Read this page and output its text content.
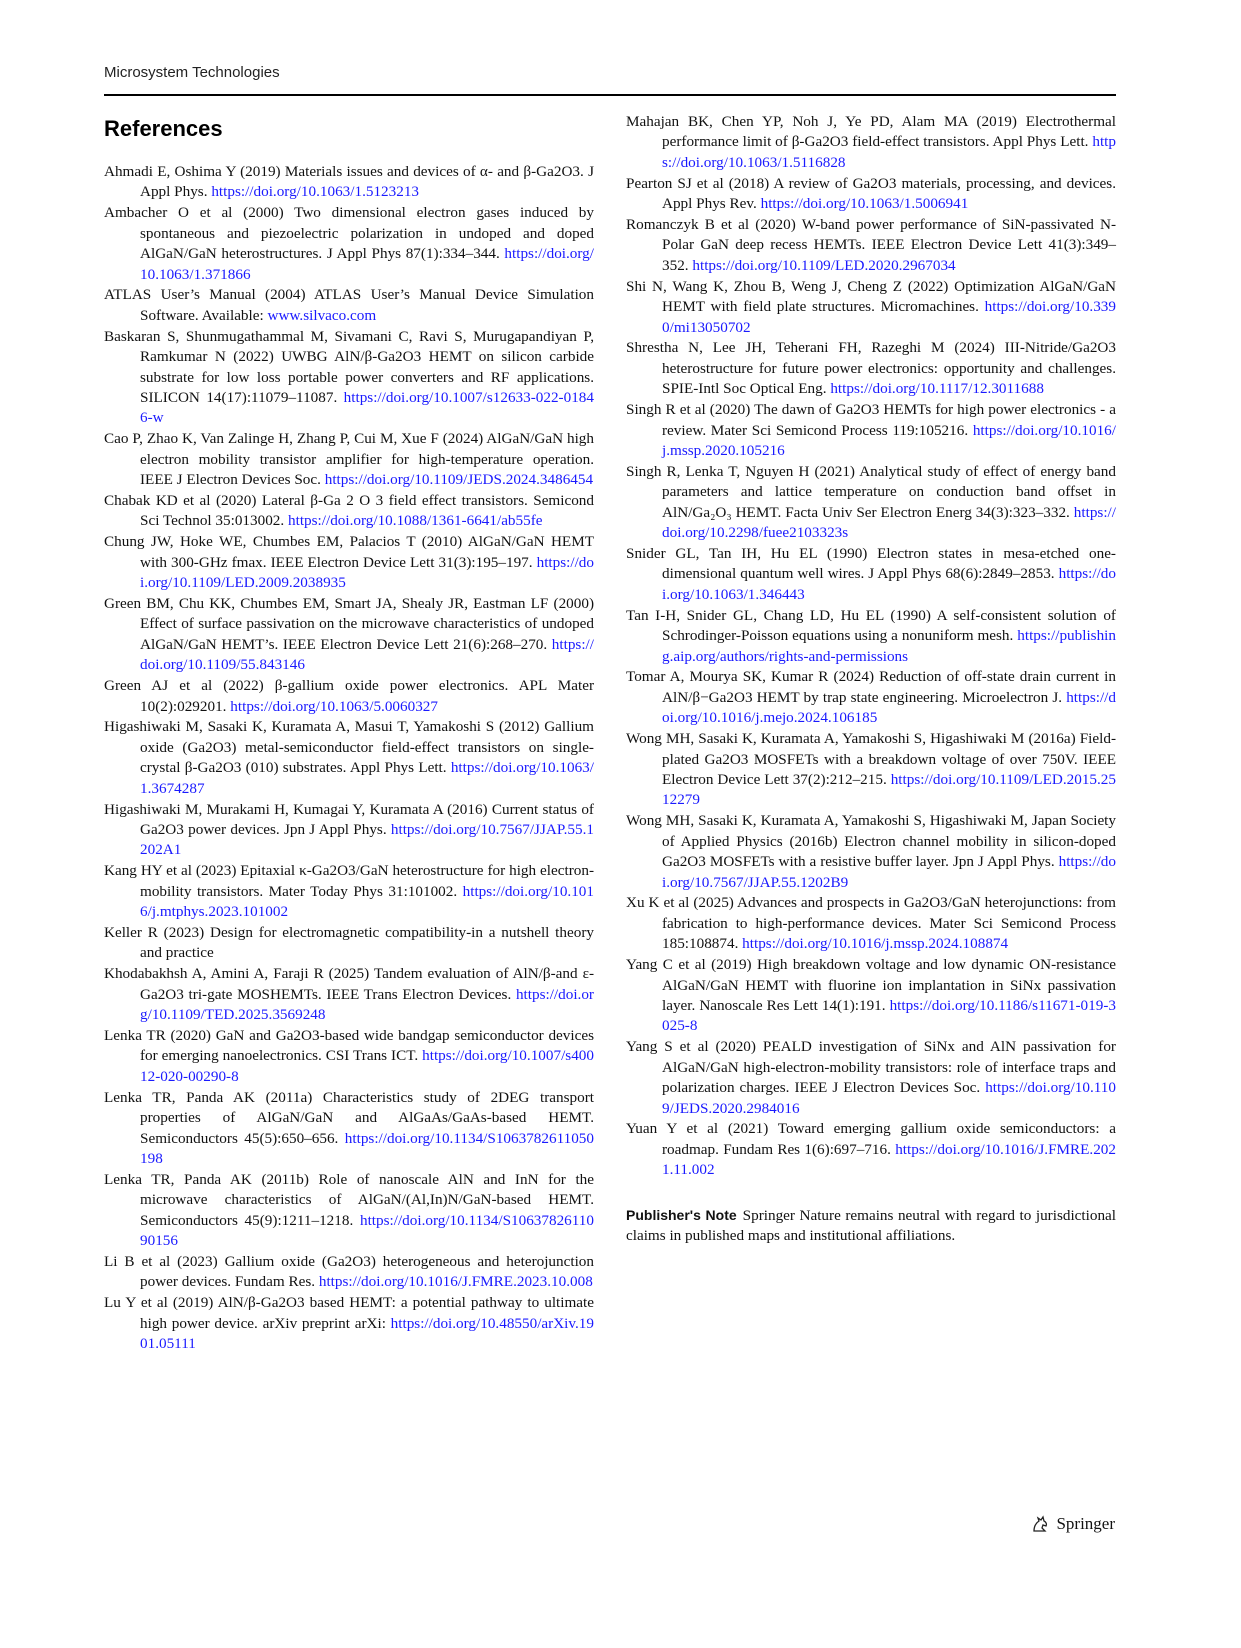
Microsystem Technologies
References

Ahmadi E, Oshima Y (2019) Materials issues and devices of α- and β-Ga2O3. J Appl Phys. https://doi.org/10.1063/1.5123213

Ambacher O et al (2000) Two dimensional electron gases induced by spontaneous and piezoelectric polarization in undoped and doped AlGaN/GaN heterostructures. J Appl Phys 87(1):334–344. https://doi.org/10.1063/1.371866

ATLAS User’s Manual (2004) ATLAS User’s Manual Device Simulation Software. Available: www.silvaco.com

Baskaran S, Shunmugathammal M, Sivamani C, Ravi S, Murugapandiyan P, Ramkumar N (2022) UWBG AlN/β-Ga2O3 HEMT on silicon carbide substrate for low loss portable power converters and RF applications. SILICON 14(17):11079–11087. https://doi.org/10.1007/s12633-022-01846-w

Cao P, Zhao K, Van Zalinge H, Zhang P, Cui M, Xue F (2024) AlGaN/GaN high electron mobility transistor amplifier for high-temperature operation. IEEE J Electron Devices Soc. https://doi.org/10.1109/JEDS.2024.3486454

Chabak KD et al (2020) Lateral β-Ga 2 O 3 field effect transistors. Semicond Sci Technol 35:013002. https://doi.org/10.1088/1361-6641/ab55fe

Chung JW, Hoke WE, Chumbes EM, Palacios T (2010) AlGaN/GaN HEMT with 300-GHz fmax. IEEE Electron Device Lett 31(3):195–197. https://doi.org/10.1109/LED.2009.2038935

Green BM, Chu KK, Chumbes EM, Smart JA, Shealy JR, Eastman LF (2000) Effect of surface passivation on the microwave characteristics of undoped AlGaN/GaN HEMT’s. IEEE Electron Device Lett 21(6):268–270. https://doi.org/10.1109/55.843146

Green AJ et al (2022) β-gallium oxide power electronics. APL Mater 10(2):029201. https://doi.org/10.1063/5.0060327

Higashiwaki M, Sasaki K, Kuramata A, Masui T, Yamakoshi S (2012) Gallium oxide (Ga2O3) metal-semiconductor field-effect transistors on single-crystal β-Ga2O3 (010) substrates. Appl Phys Lett. https://doi.org/10.1063/1.3674287

Higashiwaki M, Murakami H, Kumagai Y, Kuramata A (2016) Current status of Ga2O3 power devices. Jpn J Appl Phys. https://doi.org/10.7567/JJAP.55.1202A1

Kang HY et al (2023) Epitaxial κ-Ga2O3/GaN heterostructure for high electron-mobility transistors. Mater Today Phys 31:101002. https://doi.org/10.1016/j.mtphys.2023.101002

Keller R (2023) Design for electromagnetic compatibility-in a nutshell theory and practice

Khodabakhsh A, Amini A, Faraji R (2025) Tandem evaluation of AlN/β-and ε-Ga2O3 tri-gate MOSHEMTs. IEEE Trans Electron Devices. https://doi.org/10.1109/TED.2025.3569248

Lenka TR (2020) GaN and Ga2O3-based wide bandgap semiconductor devices for emerging nanoelectronics. CSI Trans ICT. https://doi.org/10.1007/s40012-020-00290-8

Lenka TR, Panda AK (2011a) Characteristics study of 2DEG transport properties of AlGaN/GaN and AlGaAs/GaAs-based HEMT. Semiconductors 45(5):650–656. https://doi.org/10.1134/S1063782611050198

Lenka TR, Panda AK (2011b) Role of nanoscale AlN and InN for the microwave characteristics of AlGaN/(Al,In)N/GaN-based HEMT. Semiconductors 45(9):1211–1218. https://doi.org/10.1134/S1063782611090156

Li B et al (2023) Gallium oxide (Ga2O3) heterogeneous and heterojunction power devices. Fundam Res. https://doi.org/10.1016/J.FMRE.2023.10.008

Lu Y et al (2019) AlN/β-Ga2O3 based HEMT: a potential pathway to ultimate high power device. arXiv preprint arXi: https://doi.org/10.48550/arXiv.1901.05111

Mahajan BK, Chen YP, Noh J, Ye PD, Alam MA (2019) Electrothermal performance limit of β-Ga2O3 field-effect transistors. Appl Phys Lett. https://doi.org/10.1063/1.5116828

Pearton SJ et al (2018) A review of Ga2O3 materials, processing, and devices. Appl Phys Rev. https://doi.org/10.1063/1.5006941

Romanczyk B et al (2020) W-band power performance of SiN-passivated N-Polar GaN deep recess HEMTs. IEEE Electron Device Lett 41(3):349–352. https://doi.org/10.1109/LED.2020.2967034

Shi N, Wang K, Zhou B, Weng J, Cheng Z (2022) Optimization AlGaN/GaN HEMT with field plate structures. Micromachines. https://doi.org/10.3390/mi13050702

Shrestha N, Lee JH, Teherani FH, Razeghi M (2024) III-Nitride/Ga2O3 heterostructure for future power electronics: opportunity and challenges. SPIE-Intl Soc Optical Eng. https://doi.org/10.1117/12.3011688

Singh R et al (2020) The dawn of Ga2O3 HEMTs for high power electronics - a review. Mater Sci Semicond Process 119:105216. https://doi.org/10.1016/j.mssp.2020.105216

Singh R, Lenka T, Nguyen H (2021) Analytical study of effect of energy band parameters and lattice temperature on conduction band offset in AlN/Ga₂O₃ HEMT. Facta Univ Ser Electron Energ 34(3):323–332. https://doi.org/10.2298/fuee2103323s

Snider GL, Tan IH, Hu EL (1990) Electron states in mesa-etched one-dimensional quantum well wires. J Appl Phys 68(6):2849–2853. https://doi.org/10.1063/1.346443

Tan I-H, Snider GL, Chang LD, Hu EL (1990) A self-consistent solution of Schrodinger-Poisson equations using a nonuniform mesh. https://publishing.aip.org/authors/rights-and-permissions

Tomar A, Mourya SK, Kumar R (2024) Reduction of off-state drain current in AlN/β−Ga2O3 HEMT by trap state engineering. Microelectron J. https://doi.org/10.1016/j.mejo.2024.106185

Wong MH, Sasaki K, Kuramata A, Yamakoshi S, Higashiwaki M (2016a) Field-plated Ga2O3 MOSFETs with a breakdown voltage of over 750V. IEEE Electron Device Lett 37(2):212–215. https://doi.org/10.1109/LED.2015.2512279

Wong MH, Sasaki K, Kuramata A, Yamakoshi S, Higashiwaki M, Japan Society of Applied Physics (2016b) Electron channel mobility in silicon-doped Ga2O3 MOSFETs with a resistive buffer layer. Jpn J Appl Phys. https://doi.org/10.7567/JJAP.55.1202B9

Xu K et al (2025) Advances and prospects in Ga2O3/GaN heterojunctions: from fabrication to high-performance devices. Mater Sci Semicond Process 185:108874. https://doi.org/10.1016/j.mssp.2024.108874

Yang C et al (2019) High breakdown voltage and low dynamic ON-resistance AlGaN/GaN HEMT with fluorine ion implantation in SiNx passivation layer. Nanoscale Res Lett 14(1):191. https://doi.org/10.1186/s11671-019-3025-8

Yang S et al (2020) PEALD investigation of SiNx and AlN passivation for AlGaN/GaN high-electron-mobility transistors: role of interface traps and polarization charges. IEEE J Electron Devices Soc. https://doi.org/10.1109/JEDS.2020.2984016

Yuan Y et al (2021) Toward emerging gallium oxide semiconductors: a roadmap. Fundam Res 1(6):697–716. https://doi.org/10.1016/J.FMRE.2021.11.002

Publisher's Note Springer Nature remains neutral with regard to jurisdictional claims in published maps and institutional affiliations.
Springer
